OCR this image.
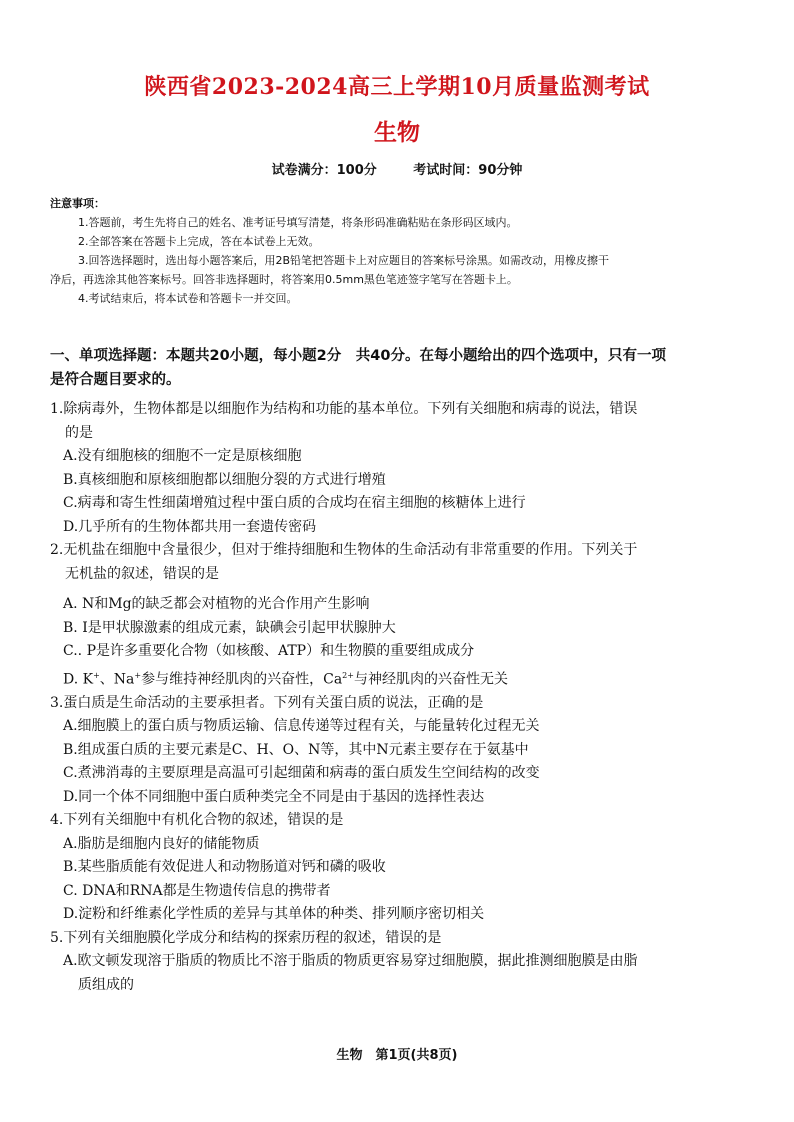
陕西省2023-2024高三上学期10月质量监测考试
生物
试卷满分：100分	考试时间：90分钟
注意事项：
1.答题前，考生先将自己的姓名、准考证号填写清楚，将条形码准确粘贴在条形码区域内。
2.全部答案在答题卡上完成，答在本试卷上无效。
3.回答选择题时，选出每小题答案后，用2B铅笔把答题卡上对应题目的答案标号涂黑。如需改动，用橡皮擦干
净后，再选涂其他答案标号。回答非选择题时，将答案用0.5mm黑色笔迹签字笔写在答题卡上。
4.考试结束后，将本试卷和答题卡一并交回。
一、单项选择题：本题共20小题，每小题2分　共40分。在每小题给出的四个选项中，只有一项
是符合题目要求的。
1.除病毒外，生物体都是以细胞作为结构和功能的基本单位。下列有关细胞和病毒的说法，错误
的是
A.没有细胞核的细胞不一定是原核细胞
B.真核细胞和原核细胞都以细胞分裂的方式进行增殖
C.病毒和寄生性细菌增殖过程中蛋白质的合成均在宿主细胞的核糖体上进行
D.几乎所有的生物体都共用一套遗传密码
2.无机盐在细胞中含量很少，但对于维持细胞和生物体的生命活动有非常重要的作用。下列关于
无机盐的叙述，错误的是
A. N和Mg的缺乏都会对植物的光合作用产生影响
B. I是甲状腺激素的组成元素，缺碘会引起甲状腺肿大
C.. P是许多重要化合物（如核酸、ATP）和生物膜的重要组成成分
D. K+、Na+参与维持神经肌肉的兴奋性，$Ca^{2+}$与神经肌肉的兴奋性无关
3.蛋白质是生命活动的主要承担者。下列有关蛋白质的说法，正确的是
A.细胞膜上的蛋白质与物质运输、信息传递等过程有关，与能量转化过程无关
B.组成蛋白质的主要元素是C、H、O、N等，其中N元素主要存在于氨基中
C.煮沸消毒的主要原理是高温可引起细菌和病毒的蛋白质发生空间结构的改变
D.同一个体不同细胞中蛋白质种类完全不同是由于基因的选择性表达
4.下列有关细胞中有机化合物的叙述，错误的是
A.脂肪是细胞内良好的储能物质
B.某些脂质能有效促进人和动物肠道对钙和磷的吸收
C. DNA和RNA都是生物遗传信息的携带者
D.淀粉和纤维素化学性质的差异与其单体的种类、排列顺序密切相关
5.下列有关细胞膜化学成分和结构的探索历程的叙述，错误的是
A.欧文顿发现溶于脂质的物质比不溶于脂质的物质更容易穿过细胞膜，据此推测细胞膜是由脂
质组成的
生物　第1页(共8页)
